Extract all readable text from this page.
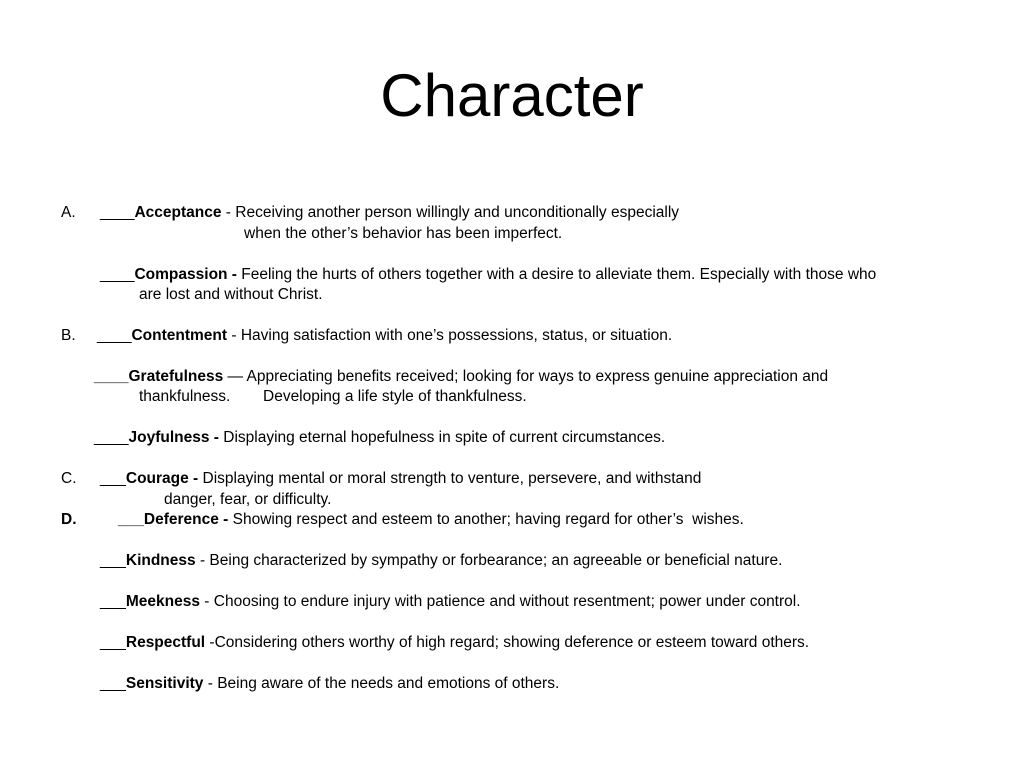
Character
A. ____Acceptance - Receiving another person willingly and unconditionally especially
when the other’s behavior has been imperfect.
____Compassion - Feeling the hurts of others together with a desire to alleviate them. Especially with those who
are lost and without Christ.
B. ____Contentment - Having satisfaction with one’s possessions, status, or situation.
____Gratefulness — Appreciating benefits received; looking for ways to express genuine appreciation and
thankfulness. Developing a life style of thankfulness.
____Joyfulness - Displaying eternal hopefulness in spite of current circumstances.
C. ___Courage - Displaying mental or moral strength to venture, persevere, and withstand
danger, fear, or difficulty.
D.	___Deference - Showing respect and esteem to another; having regard for other’s  wishes.
___Kindness - Being characterized by sympathy or forbearance; an agreeable or beneficial nature.
___Meekness - Choosing to endure injury with patience and without resentment; power under control.
___Respectful -Considering others worthy of high regard; showing deference or esteem toward others.
___Sensitivity - Being aware of the needs and emotions of others.
